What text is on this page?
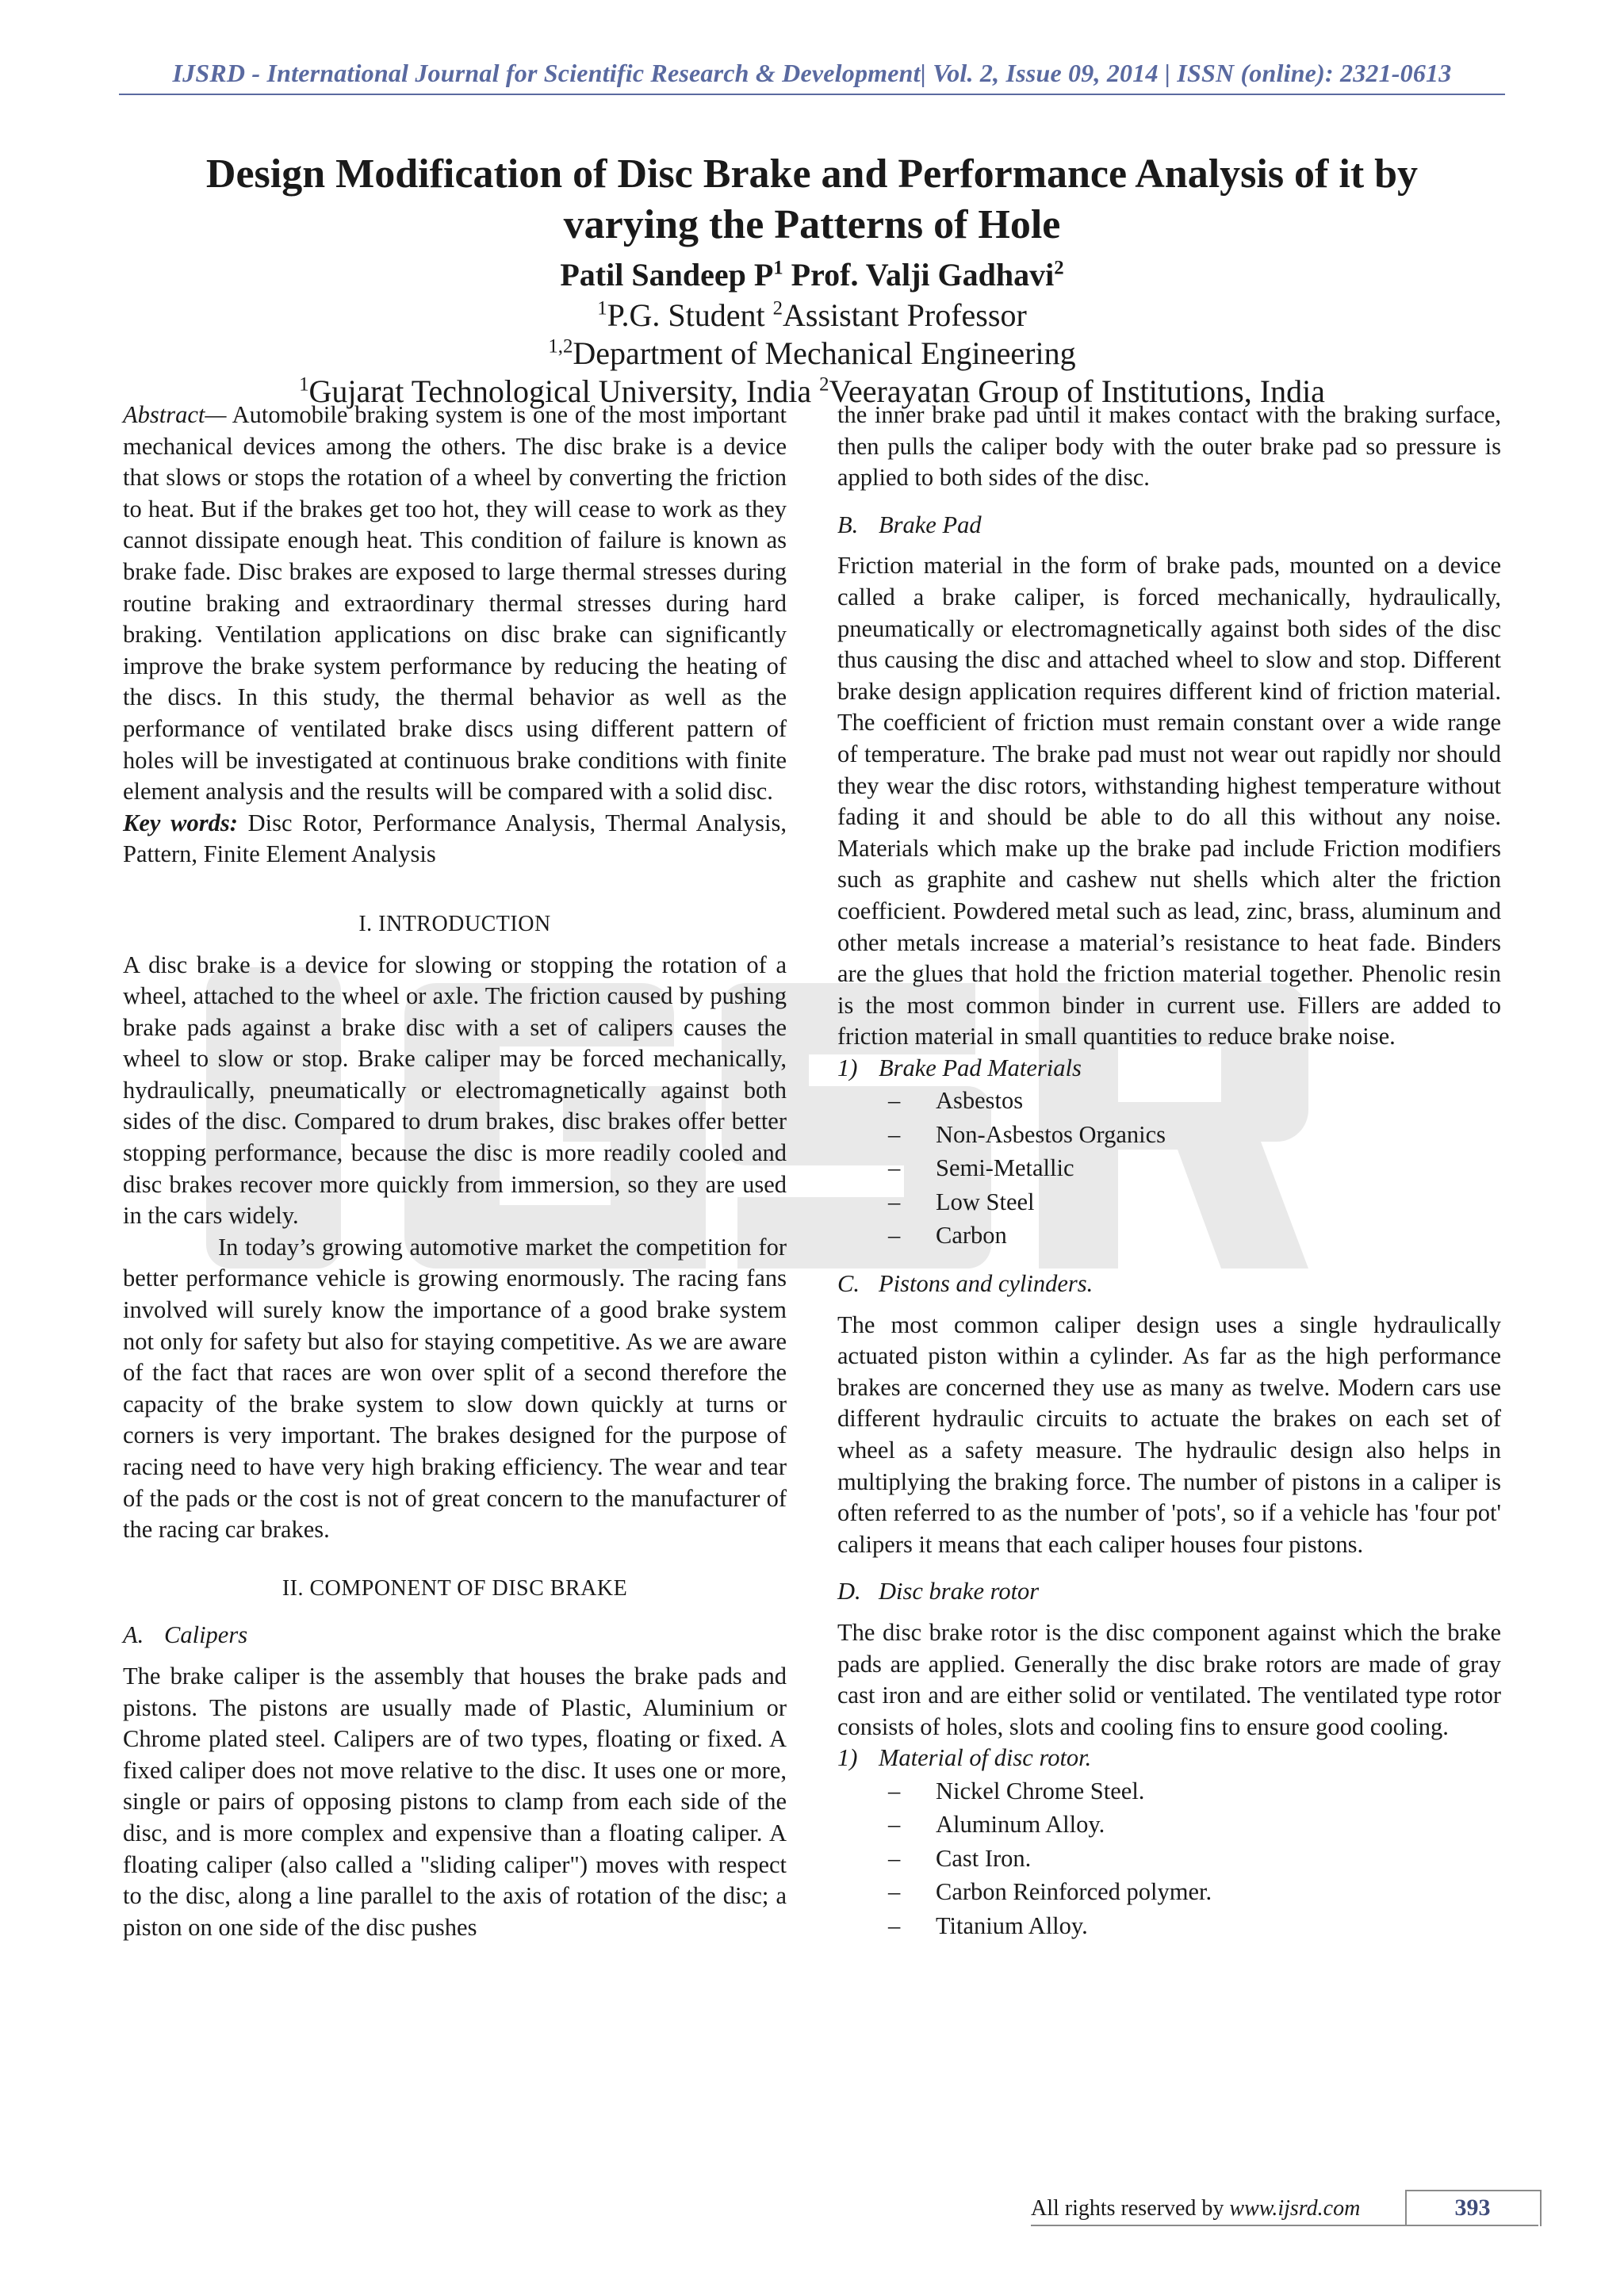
IJSRD - International Journal for Scientific Research & Development| Vol. 2, Issue 09, 2014 | ISSN (online): 2321-0613
Design Modification of Disc Brake and Performance Analysis of it by
varying the Patterns of Hole
Patil Sandeep $P^1$ Prof. Valji Gadhavi$^2$
$^1$P.G. Student $^2$Assistant Professor
$^{1,2}$Department of Mechanical Engineering
$^1$Gujarat Technological University, India $^2$Veerayatan Group of Institutions, India

Abstract— Automobile braking system is one of the most important mechanical devices among the others. The disc brake is a device that slows or stops the rotation of a wheel by converting the friction to heat. But if the brakes get too hot, they will cease to work as they cannot dissipate enough heat. This condition of failure is known as brake fade. Disc brakes are exposed to large thermal stresses during routine braking and extraordinary thermal stresses during hard braking. Ventilation applications on disc brake can significantly improve the brake system performance by reducing the heating of the discs. In this study, the thermal behavior as well as the performance of ventilated brake discs using different pattern of holes will be investigated at continuous brake conditions with finite element analysis and the results will be compared with a solid disc.

Key words: Disc Rotor, Performance Analysis, Thermal Analysis, Pattern, Finite Element Analysis

I. INTRODUCTION

A disc brake is a device for slowing or stopping the rotation of a wheel, attached to the wheel or axle. The friction caused by pushing brake pads against a brake disc with a set of calipers causes the wheel to slow or stop. Brake caliper may be forced mechanically, hydraulically, pneumatically or electromagnetically against both sides of the disc. Compared to drum brakes, disc brakes offer better stopping performance, because the disc is more readily cooled and disc brakes recover more quickly from immersion, so they are used in the cars widely.

In today’s growing automotive market the competition for better performance vehicle is growing enormously. The racing fans involved will surely know the importance of a good brake system not only for safety but also for staying competitive. As we are aware of the fact that races are won over split of a second therefore the capacity of the brake system to slow down quickly at turns or corners is very important. The brakes designed for the purpose of racing need to have very high braking efficiency. The wear and tear of the pads or the cost is not of great concern to the manufacturer of the racing car brakes.

II. COMPONENT OF DISC BRAKE
A. Calipers

The brake caliper is the assembly that houses the brake pads and pistons. The pistons are usually made of Plastic, Aluminium or Chrome plated steel. Calipers are of two types, floating or fixed. A fixed caliper does not move relative to the disc. It uses one or more, single or pairs of opposing pistons to clamp from each side of the disc, and is more complex and expensive than a floating caliper. A floating caliper (also called a "sliding caliper") moves with respect to the disc, along a line parallel to the axis of rotation of the disc; a piston on one side of the disc pushes

the inner brake pad until it makes contact with the braking surface, then pulls the caliper body with the outer brake pad so pressure is applied to both sides of the disc.

B. Brake Pad

Friction material in the form of brake pads, mounted on a device called a brake caliper, is forced mechanically, hydraulically, pneumatically or electromagnetically against both sides of the disc thus causing the disc and attached wheel to slow and stop. Different brake design application requires different kind of friction material. The coefficient of friction must remain constant over a wide range of temperature. The brake pad must not wear out rapidly nor should they wear the disc rotors, withstanding highest temperature without fading it and should be able to do all this without any noise. Materials which make up the brake pad include Friction modifiers such as graphite and cashew nut shells which alter the friction coefficient. Powdered metal such as lead, zinc, brass, aluminum and other metals increase a material’s resistance to heat fade. Binders are the glues that hold the friction material together. Phenolic resin is the most common binder in current use. Fillers are added to friction material in small quantities to reduce brake noise.

1) Brake Pad Materials

– Asbestos
– Non-Asbestos Organics
– Semi-Metallic
– Low Steel
– Carbon
C. Pistons and cylinders.

The most common caliper design uses a single hydraulically actuated piston within a cylinder. As far as the high performance brakes are concerned they use as many as twelve. Modern cars use different hydraulic circuits to actuate the brakes on each set of wheel as a safety measure. The hydraulic design also helps in multiplying the braking force. The number of pistons in a caliper is often referred to as the number of 'pots', so if a vehicle has 'four pot' calipers it means that each caliper houses four pistons.

D. Disc brake rotor

The disc brake rotor is the disc component against which the brake pads are applied. Generally the disc brake rotors are made of gray cast iron and are either solid or ventilated. The ventilated type rotor consists of holes, slots and cooling fins to ensure good cooling.

1) Material of disc rotor.

– Nickel Chrome Steel.
– Aluminum Alloy.
– Cast Iron.
– Carbon Reinforced polymer.
– Titanium Alloy.
All rights reserved by www.ijsrd.com	393
